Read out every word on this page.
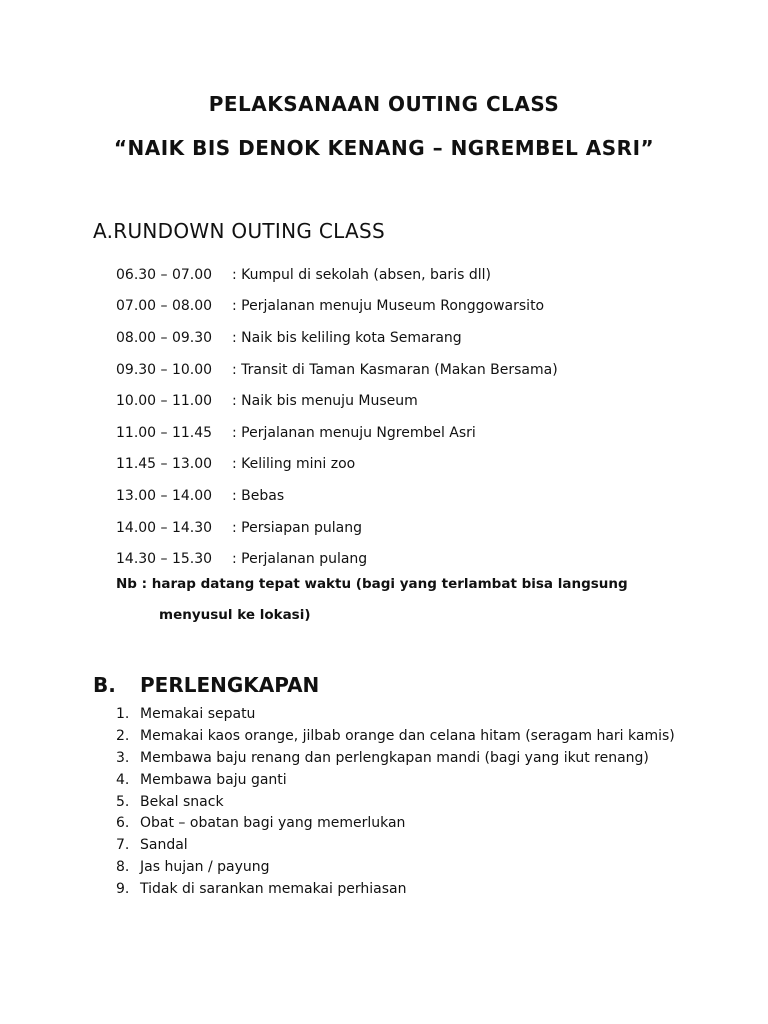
PELAKSANAAN OUTING CLASS
“NAIK BIS DENOK KENANG – NGREMBEL ASRI”
A.RUNDOWN OUTING CLASS
06.30 – 07.00	: Kumpul di sekolah (absen, baris dll)
07.00 – 08.00	: Perjalanan menuju Museum Ronggowarsito
08.00 – 09.30	: Naik bis keliling kota Semarang
09.30 – 10.00	: Transit di Taman Kasmaran (Makan Bersama)
10.00 – 11.00	: Naik bis menuju Museum
11.00 – 11.45	: Perjalanan menuju Ngrembel Asri
11.45 – 13.00	: Keliling mini zoo
13.00 – 14.00	: Bebas
14.00 – 14.30	: Persiapan pulang
14.30 – 15.30	: Perjalanan pulang
Nb
: harap datang tepat waktu (bagi yang terlambat bisa langsung
menyusul ke lokasi)
B.	PERLENGKAPAN
1. Memakai sepatu
2. Memakai kaos orange, jilbab orange dan celana hitam (seragam hari kamis)
3. Membawa baju renang dan perlengkapan mandi (bagi yang ikut renang)
4. Membawa baju ganti
5. Bekal snack
6. Obat – obatan bagi yang memerlukan
7. Sandal
8. Jas hujan / payung
9. Tidak di sarankan memakai perhiasan
